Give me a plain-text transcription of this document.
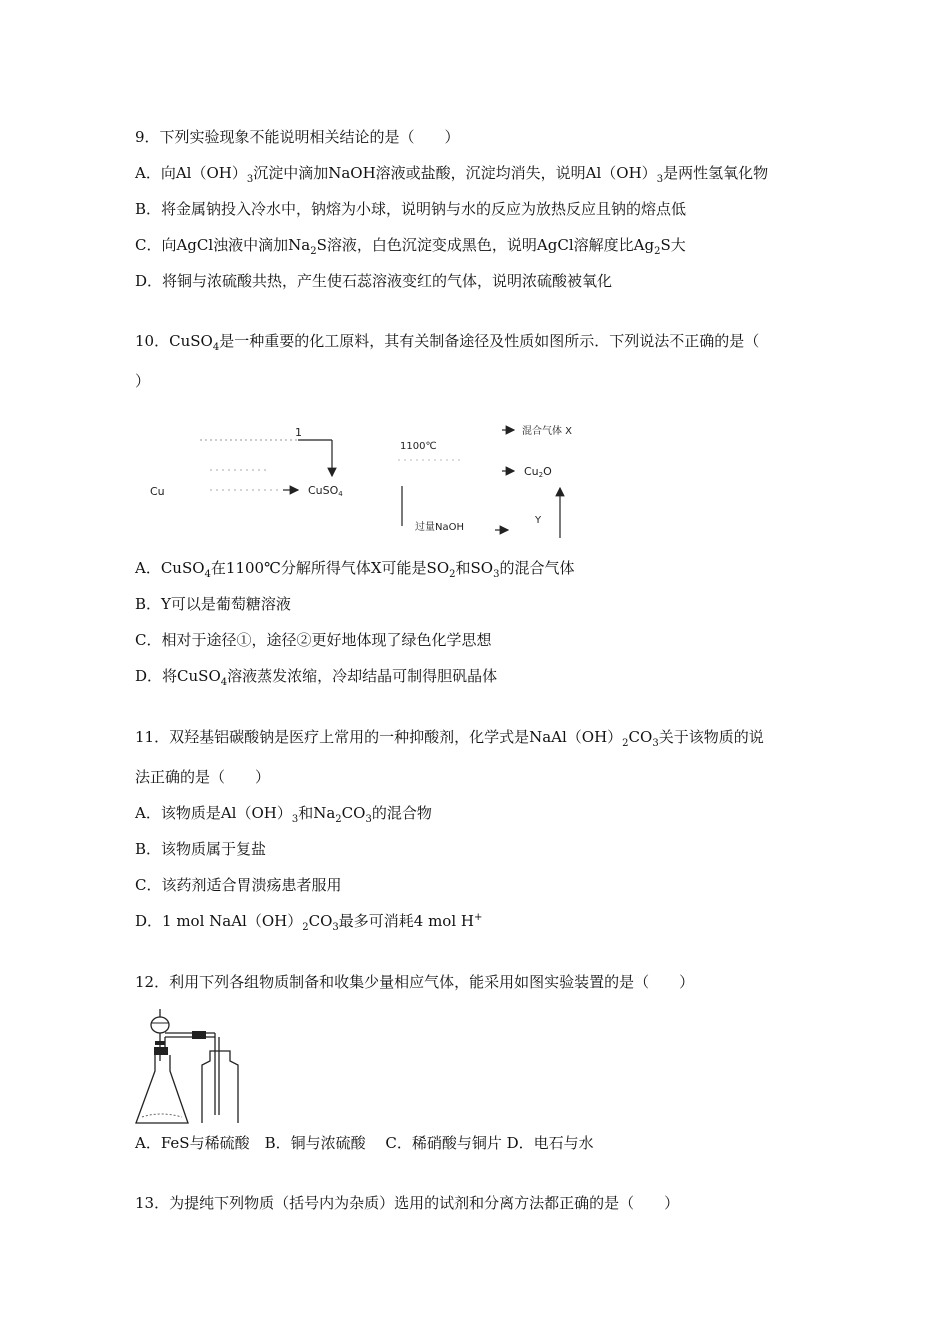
9．下列实验现象不能说明相关结论的是（　　）
A．向$Al(OH)_3$沉淀中滴加NaOH溶液或盐酸，沉淀均消失，说明$Al(OH)_3$是两性氢氧化物
B．将金属钠投入冷水中，钠熔为小球，说明钠与水的反应为放热反应且钠的熔点低
C．向AgCl浊液中滴加$Na_2S$溶液，白色沉淀变成黑色，说明AgCl溶解度比$Ag_2S$大
D．将铜与浓硫酸共热，产生使石蕊溶液变红的气体，说明浓硫酸被氧化
10．CuSO$_4$是一种重要的化工原料，其有关制备途径及性质如图所示．下列说法不正确的是（
）
Cu
1
CuSO4
1100℃
混合气体 X
Cu2O
过量NaOH
Y
A．CuSO$_4$在1100℃分解所得气体X可能是$SO_2$和$SO_3$的混合气体
B．Y可以是葡萄糖溶液
C．相对于途径①，途径②更好地体现了绿色化学思想
D．将CuSO$_4$溶液蒸发浓缩，冷却结晶可制得胆矾晶体
11．双羟基铝碳酸钠是医疗上常用的一种抑酸剂，化学式是$NaAl(OH)_2CO_3$关于该物质的说
法正确的是（　　）
A．该物质是$Al(OH)_3$和$Na_2CO_3$的混合物
B．该物质属于复盐
C．该药剂适合胃溃疡患者服用
D．1 mol $NaAl(OH)_2CO_3$最多可消耗4 mol H+
12．利用下列各组物质制备和收集少量相应气体，能采用如图实验装置的是（　　）
A．FeS与稀硫酸　B．铜与浓硫酸　 C．稀硝酸与铜片 D．电石与水
13．为提纯下列物质（括号内为杂质）选用的试剂和分离方法都正确的是（　　）
